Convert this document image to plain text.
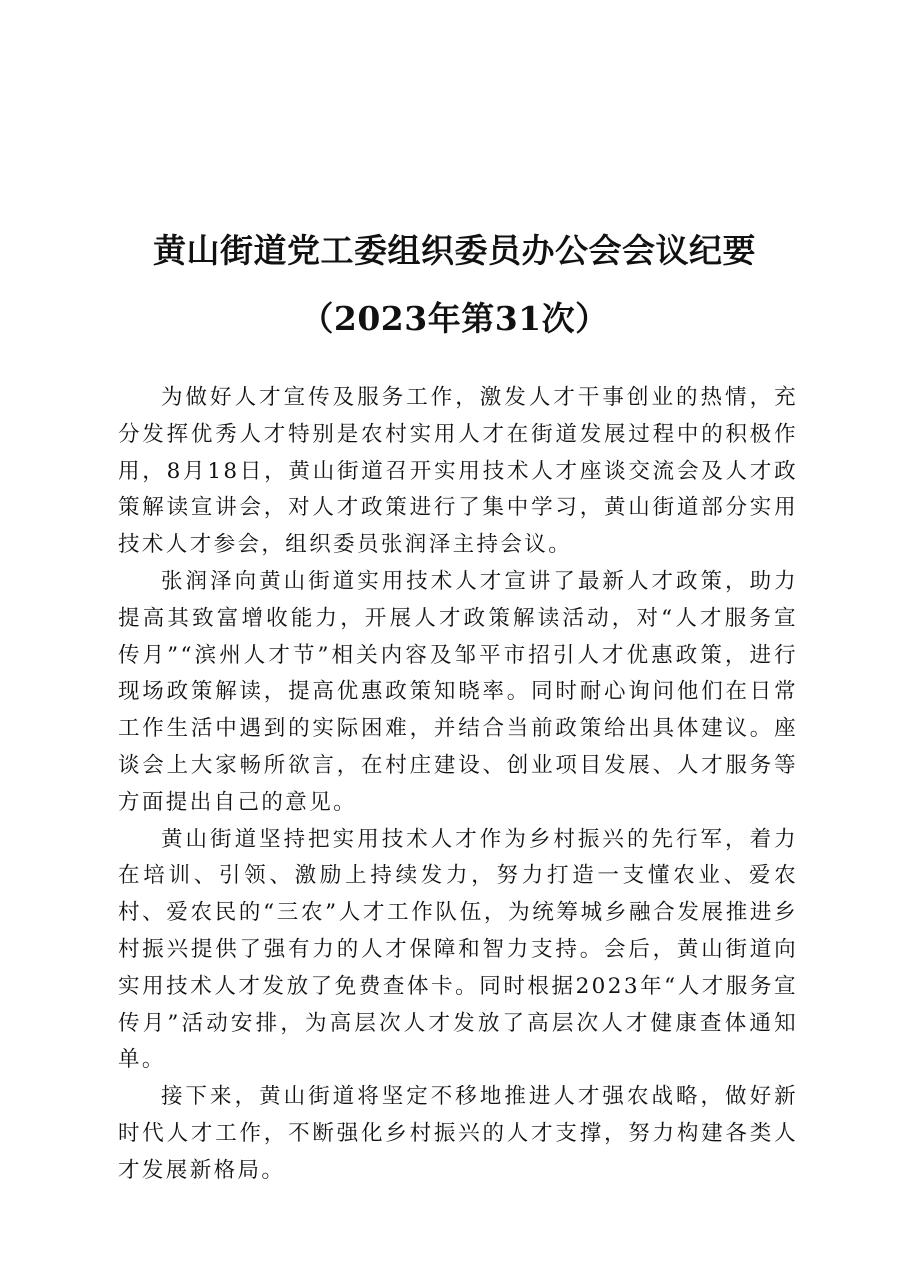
黄山街道党工委组织委员办公会会议纪要
（2023年第31次）

为做好人才宣传及服务工作，激发人才干事创业的热情，充分发挥优秀人才特别是农村实用人才在街道发展过程中的积极作用，8月18日，黄山街道召开实用技术人才座谈交流会及人才政策解读宣讲会，对人才政策进行了集中学习，黄山街道部分实用技术人才参会，组织委员张润泽主持会议。

张润泽向黄山街道实用技术人才宣讲了最新人才政策，助力提高其致富增收能力，开展人才政策解读活动，对“人才服务宣传月”“滨州人才节”相关内容及邹平市招引人才优惠政策，进行现场政策解读，提高优惠政策知晓率。同时耐心询问他们在日常工作生活中遇到的实际困难，并结合当前政策给出具体建议。座谈会上大家畅所欲言，在村庄建设、创业项目发展、人才服务等方面提出自己的意见。

黄山街道坚持把实用技术人才作为乡村振兴的先行军，着力在培训、引领、激励上持续发力，努力打造一支懂农业、爱农村、爱农民的“三农”人才工作队伍，为统筹城乡融合发展推进乡村振兴提供了强有力的人才保障和智力支持。会后，黄山街道向实用技术人才发放了免费查体卡。同时根据2023年“人才服务宣传月”活动安排，为高层次人才发放了高层次人才健康查体通知单。

接下来，黄山街道将坚定不移地推进人才强农战略，做好新时代人才工作，不断强化乡村振兴的人才支撑，努力构建各类人才发展新格局。
